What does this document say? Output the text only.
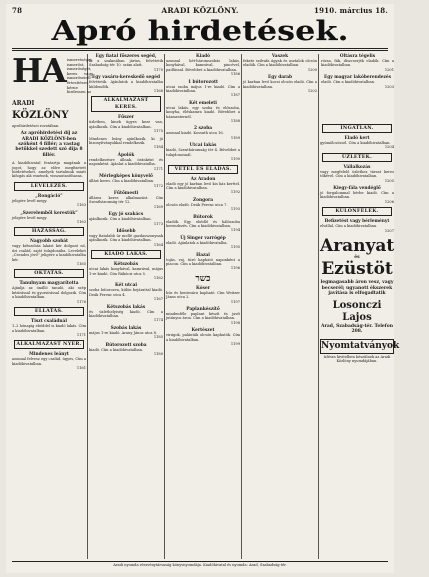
78	ARADI KÖZLÖNY.	1910. március 18.
Apró hirdetések.
HA ismeretséget, ismerőst, ismerőséget, keres vagy ismerőseiről-értesítésre, kérne hirdessen az
ARADI KÖZLÖNY
apróhirdetései rovatában.
Az apróhirdetési díj az ARADI KÖZLÖNY-ben szóként 4 fillér; a vastag betűkkel szedett szó díja 8 fillér.
A kiadóhivatal fentartja magának a jogot, hogy az előre megfizetett hirdetéseket, amelyek tartalmuk miatt kifogás alá esnének, visszautasíthassa.
LEVELEZÉS.
„Rongáció”
jeligére levél megy.
1163
„Szerelemből kerestük”
jeligére levél megy.
1163
HÁZASSÁG.
Nagyobb szobát
vagy kétszobás lakást kér dolgozó nő, úri család, saját tulajdonába. Leveleket „Csendes jövő” jeligére a kiadóhivatalba kér.
1165
OKTATÁS.
Tanulnyam magyarította
Ajánlja az önálló tanuló, aki szép kézírással és gyorsírással dolgozik. Cím a kiadóhivatalban.
1176
ELLÁTÁS.
Tiszt családnál
1–2 hónapig ebéddel is kiadó lakás. Cím a kiadóhivatalban.
1171
ALKALMAZÁST NYER.
Mindenes leányt
azonnal felvesz egy család, ügyes, Cím a kiadóhivatalban.
1161
Egy fiatal főszeres segéd,
ki a szakmában jártas, felvétetik Szabadság tér 10. szám alatt.
1170
Egy vasáru-kereskedő segéd
felvétetik. Ajánlatok a kiadóhivatalba küldendők.
1168
ALKALMAZÁST KERES.
Fűszer
üzletben, kinek ügyes keze van, ajánlkozik. Cím a kiadóhivatalban.
1175
Mindenes leány ajánlkozik, ki jó bizonyítványokkal rendelkezik.
1184
Ápolók
rendelkezésre állnak, óránként és naponként. Ajánlat a kiadóhivatalba.
1171
Mérlegképes könyvelő
állást keres. Cím a kiadóhivatalban.
1172
Fűtőmesti
állásra keres alkalmazást. Cím Szentháromság tér 12.
1169
Egy jó szakács
ajánlkozik. Cím a kiadóhivatalban.
1173
Idősebb
vagy fiatalabb úr mellé gazdasszonynak ajánlkozik. Cím a kiadóhivatalban.
1164
KIADÓ LAKÁS.
Kétszobás
utcai lakás konyhával, kamrával, május 1-re kiadó. Cím Rákóczi utca 5.
1162
Két utcai
szoba bútorozva, külön bejárattal kiadó. Deák Ferenc utca 4.
1167
Kétszobás lakás
és üzlethelyiség kiadó. Cím a kiadóhivatalban.
1174
Szobás lakás
május 1-re kiadó. Arany János utca 8.
1185
Bútorozott szoba
kiadó. Cím a kiadóhivatalban.
1180
Kiadó
azonnal két-háromszobás lakás, konyhával, kamrával, pincével, padlással. Bővebbet a kiadóhivatalban.
1186
1 bútorozott
utcai szoba május 1-re kiadó. Cím a kiadóhivatalban.
1187
Két emeleti
utcai lakás, egy szoba és előszoba, konyha, éléskamra kiadó. Bővebbet a házmesternél.
1188
2 szoba
azonnal kiadó. Kossuth utca 16.
1189
Utcai lakás
kiadó, Szentháromság tér 4. Bővebbet a tulajdonosnál.
1190
VÉTEL ÉS ELADÁS.
Az Aradon
eladó egy jó karban levő kis ház kerttel. Cím a kiadóhivatalban.
1192
Zongora
olcsón eladó. Deák Ferenc utca 7.
1193
Bútorok
eladók. Egy ebédlő és hálószoba berendezés. Cím a kiadóhivatalban.
1194
Új Singer varrógép
eladó. Ajánlatok a kiadóhivatalba.
1195
Hazai
tojás, vaj, túró kapható naponként a piacon. Cím a kiadóhivatalban.
1196
כשר
Kóser
hús és hentesáru kapható. Cím Weitzer János utca 2.
1197
Paplankészítő
mindenféle paplant készít és javít jutányos áron. Cím a kiadóhivatalban.
1198
Kertészet
virágok, palánták olcsón kaphatók. Cím a kiadóhivatalban.
1199
Vaszek
fekete szilvafa ágyak és asztalok olcsón eladók. Cím a kiadóhivatalban.
1200
Egy darab
jó karban levő kocsi olcsón eladó. Cím a kiadóhivatalban.
1202
Oltásra tégelis
rózsa, fák, díszcserjék eladók. Cím a kiadóhivatalban.
1201
Egy magyar lakóberendezés
eladó. Cím a kiadóhivatalban.
1203
INGATLAN.
Eladó kert
gyümölcsössel. Cím a kiadóhivatalban.
1204
ÜZLETEK.
Vállalkozás
vagy megfelelő üzlethez társat keres tőkével. Cím a kiadóhivatalban.
1205
Kiegy-fála vendéglő
jó forgalommal bérbe kiadó. Cím a kiadóhivatalban.
1206
KÜLÖNFÉLÉK.
Befizetést vagy bérleményt
elvállal. Cím a kiadóhivatalban.
1207
Aranyat
és
Ezüstöt
legmagasabb áron vesz, vagy becserél; ugyanott ékszerek javítása is elfogadtatik
Losonczi Lajos
Arad, Szabadság-tér. Telefon 208.
Nyomtatványok
ízléses kivitelben készülnek az Aradi Közlöny nyomdájában.
Aradi nyomda részvénytársaság könyvnyomdája. Kiadóhivatal és nyomda: Arad, Szabadság-tér.
